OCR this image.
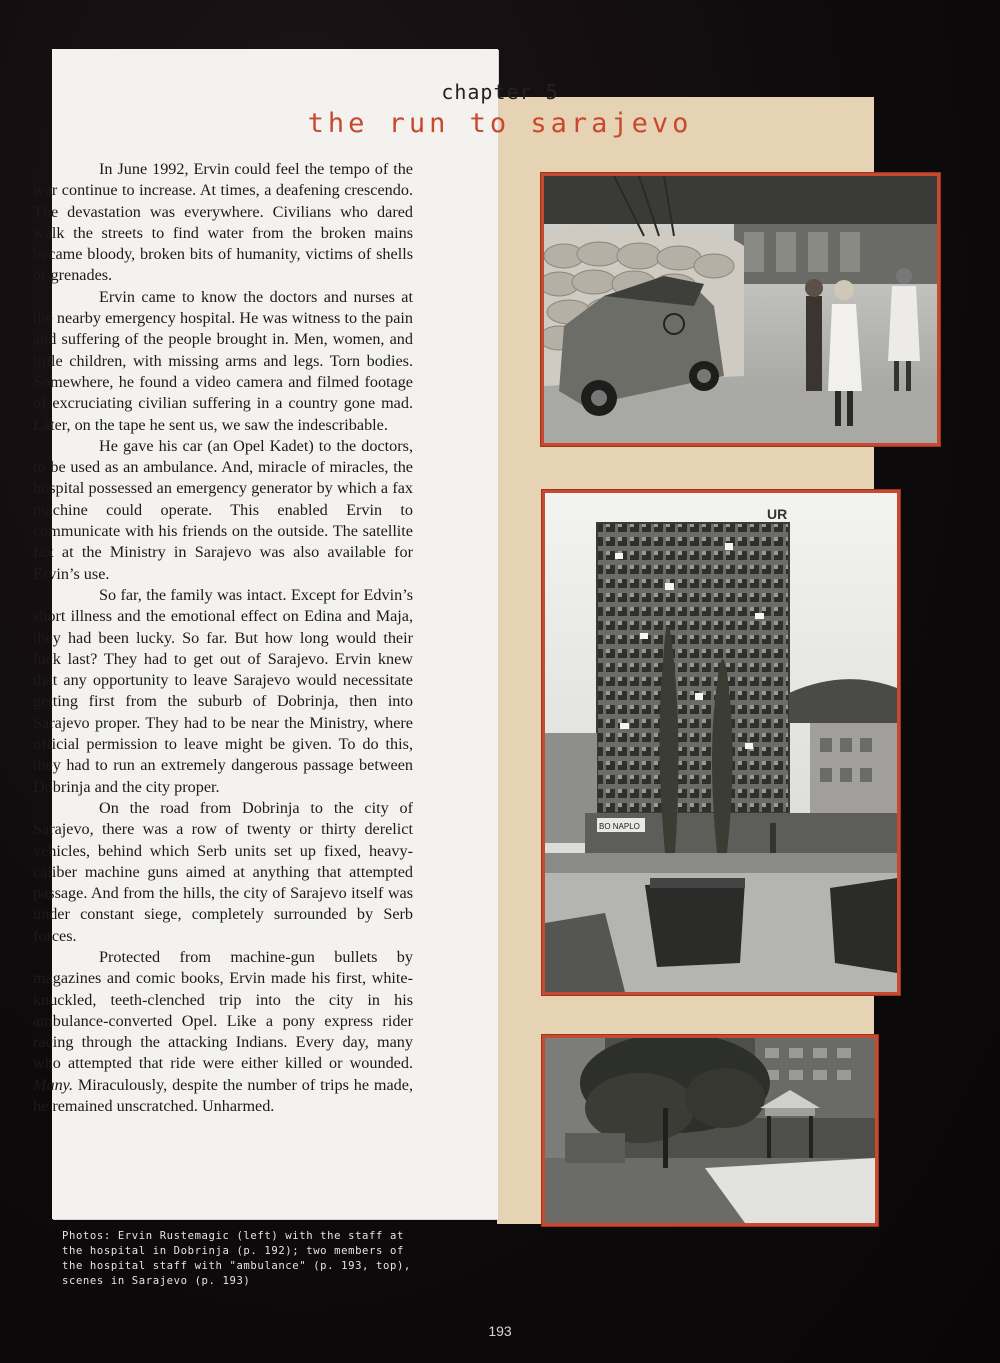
chapter 5
the run to sarajevo

In June 1992, Ervin could feel the tempo of the war continue to increase. At times, a deafening crescendo. The devastation was everywhere. Civilians who dared walk the streets to find water from the broken mains became bloody, broken bits of humanity, victims of shells or grenades.

Ervin came to know the doctors and nurses at the nearby emergency hospital. He was witness to the pain and suffering of the people brought in. Men, women, and little children, with missing arms and legs. Torn bodies. Somewhere, he found a video camera and filmed footage of excruciating civilian suffering in a country gone mad. Later, on the tape he sent us, we saw the indescribable.

He gave his car (an Opel Kadet) to the doctors, to be used as an ambulance. And, miracle of miracles, the hospital possessed an emergency generator by which a fax machine could operate. This enabled Ervin to communicate with his friends on the outside. The satellite fax at the Ministry in Sarajevo was also available for Ervin’s use.

So far, the family was intact. Except for Edvin’s short illness and the emotional effect on Edina and Maja, they had been lucky. So far. But how long would their luck last? They had to get out of Sarajevo. Ervin knew that any opportunity to leave Sarajevo would necessitate getting first from the suburb of Dobrinja, then into Sarajevo proper. They had to be near the Ministry, where official permission to leave might be given. To do this, they had to run an extremely dangerous passage between Dobrinja and the city proper.

On the road from Dobrinja to the city of Sarajevo, there was a row of twenty or thirty derelict vehicles, behind which Serb units set up fixed, heavy-caliber machine guns aimed at anything that attempted passage. And from the hills, the city of Sarajevo itself was under constant siege, completely surrounded by Serb forces.

Protected from machine-gun bullets by magazines and comic books, Ervin made his first, white-knuckled, teeth-clenched trip into the city in his ambulance-converted Opel. Like a pony express rider racing through the attacking Indians. Every day, many who attempted that ride were either killed or wounded. Many. Miraculously, despite the number of trips he made, he remained unscratched. Unharmed.

UR
BO NAPLO
Photos: Ervin Rustemagic (left) with the staff at the hospital in Dobrinja (p. 192); two members of the hospital staff with "ambulance" (p. 193, top), scenes in Sarajevo (p. 193)
193
